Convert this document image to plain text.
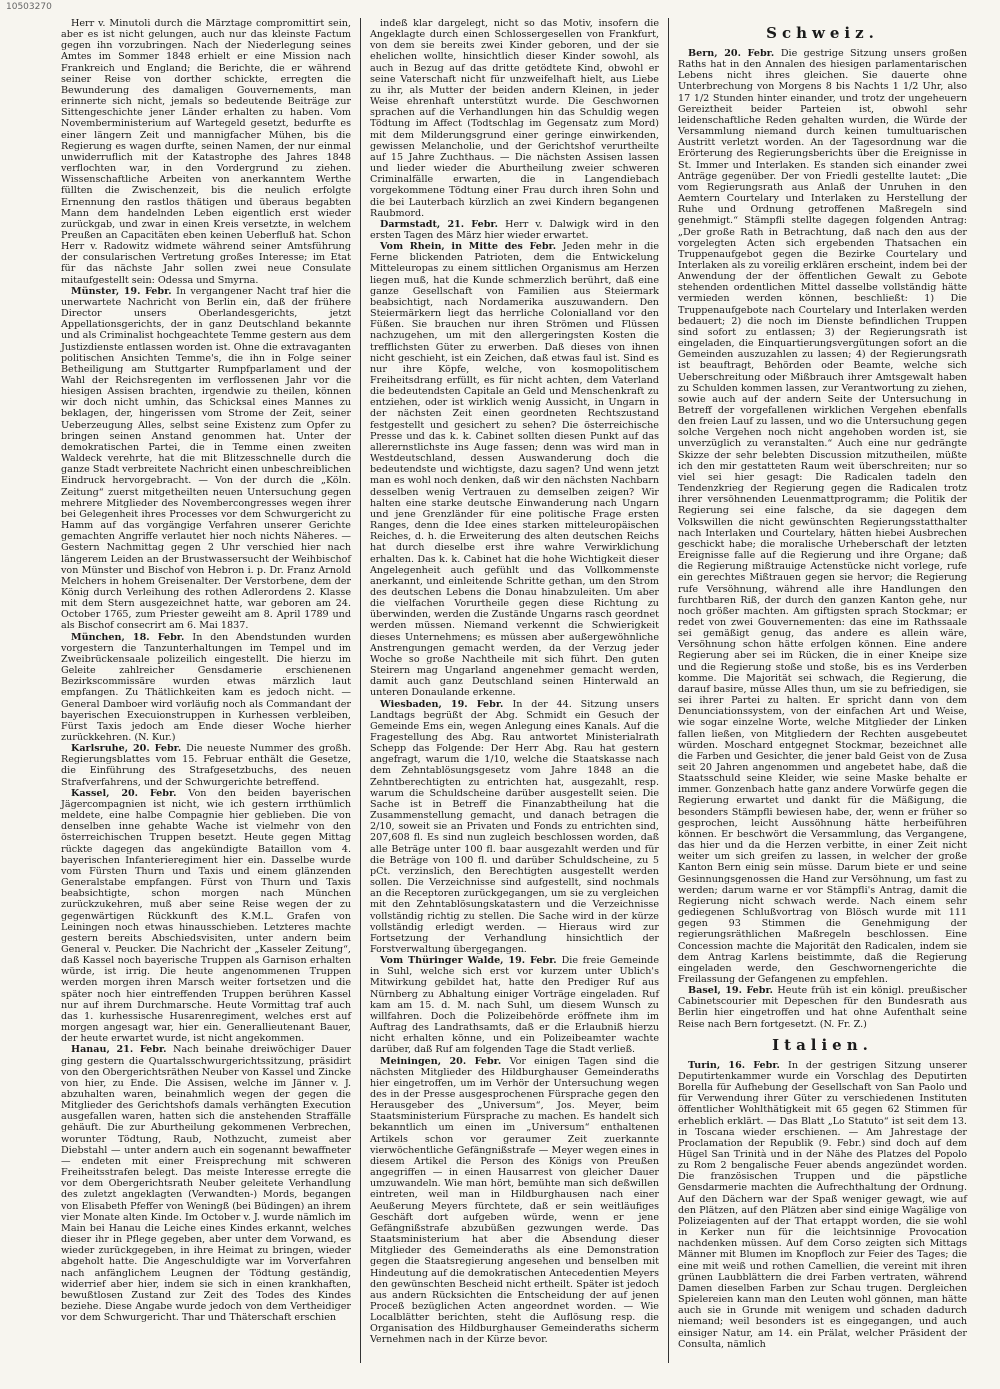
10503270

Herr v. Minutoli durch die Märztage compromittirt sein, aber es ist nicht gelungen, auch nur das kleinste Factum gegen ihn vorzubringen. Nach der Niederlegung seines Amtes im Sommer 1848 erhielt er eine Mission nach Frankreich und England; die Berichte, die er während seiner Reise von dorther schickte, erregten die Bewunderung des damaligen Gouvernements, man erinnerte sich nicht, jemals so bedeutende Beiträge zur Sittengeschichte jener Länder erhalten zu haben. Vom Novemberministerium auf Wartegeld gesetzt, bedurfte es einer längern Zeit und mannigfacher Mühen, bis die Regierung es wagen durfte, seinen Namen, der nur einmal unwiderruflich mit der Katastrophe des Jahres 1848 verflochten war, in den Vordergrund zu ziehen. Wissenschaftliche Arbeiten von anerkanntem Werthe füllten die Zwischenzeit, bis die neulich erfolgte Ernennung den rastlos thätigen und überaus begabten Mann dem handelnden Leben eigentlich erst wieder zurückgab, und zwar in einen Kreis versetzte, in welchem Preußen an Capacitäten eben keinen Ueberfluß hat. Schon Herr v. Radowitz widmete während seiner Amtsführung der consularischen Vertretung großes Interesse; im Etat für das nächste Jahr sollen zwei neue Consulate mitaufgestellt sein: Odessa und Smyrna.

Münster, 19. Febr. In vergangener Nacht traf hier die unerwartete Nachricht von Berlin ein, daß der frühere Director unsers Oberlandesgerichts, jetzt Appellationsgerichts, der in ganz Deutschland bekannte und als Criminalist hochgeachtete Temme gestern aus dem Justizdienste entlassen worden ist. Ohne die extravaganten politischen Ansichten Temme's, die ihn in Folge seiner Betheiligung am Stuttgarter Rumpfparlament und der Wahl der Reichsregenten im verflossenen Jahr vor die hiesigen Assisen brachten, irgendwie zu theilen, können wir doch nicht umhin, das Schicksal eines Mannes zu beklagen, der, hingerissen vom Strome der Zeit, seiner Ueberzeugung Alles, selbst seine Existenz zum Opfer zu bringen seinen Anstand genommen hat. Unter der demokratischen Partei, die in Temme einen zweiten Waldeck verehrte, hat die mit Blitzesschnelle durch die ganze Stadt verbreitete Nachricht einen unbeschreiblichen Eindruck hervorgebracht. — Von der durch die „Köln. Zeitung“ zuerst mitgetheilten neuen Untersuchung gegen mehrere Mitglieder des Novembercongresses wegen ihrer bei Gelegenheit ihres Processes vor dem Schwurgericht zu Hamm auf das vorgängige Verfahren unserer Gerichte gemachten Angriffe verlautet hier noch nichts Näheres. — Gestern Nachmittag gegen 2 Uhr verschied hier nach längerem Leiden an der Brustwassersucht der Weihbischof von Münster und Bischof von Hebron i. p. Dr. Franz Arnold Melchers in hohem Greisenalter. Der Verstorbene, dem der König durch Verleihung des rothen Adlerordens 2. Klasse mit dem Stern ausgezeichnet hatte, war geboren am 24. October 1765, zum Priester geweiht am 8. April 1789 und als Bischof consecrirt am 6. Mai 1837.

München, 18. Febr. In den Abendstunden wurden vorgestern die Tanzunterhaltungen im Tempel und im Zweibrückensaale polizeilich eingestellt. Die hierzu im Geleite zahlreicher Gensdamerie erschienenen Bezirkscommissäre wurden etwas märzlich laut empfangen. Zu Thätlichkeiten kam es jedoch nicht. — General Damboer wird vorläufig noch als Commandant der bayerischen Execuionstruppen in Kurhessen verbleiben, Fürst Taxis jedoch am Ende dieser Woche hierher zurückkehren. (N. Kur.)

Karlsruhe, 20. Febr. Die neueste Nummer des großh. Regierungsblattes vom 15. Februar enthält die Gesetze, die Einführung des Strafgesetzbuchs, des neuen Strafverfahrens, und der Schwurgerichte betreffend.

Kassel, 20. Febr. Von den beiden bayerischen Jägercompagnien ist nicht, wie ich gestern irrthümlich meldete, eine halbe Compagnie hier geblieben. Die von denselben inne gehabte Wache ist vielmehr von den österreichischen Truppen besetzt. Heute gegen Mittag rückte dagegen das angekündigte Bataillon vom 4. bayerischen Infanterieregiment hier ein. Dasselbe wurde vom Fürsten Thurn und Taxis und einem glänzenden Generalstabe empfangen. Fürst von Thurn und Taxis beabsichtigte, schon morgen nach München zurückzukehren, muß aber seine Reise wegen der zu gegenwärtigen Rückkunft des K.M.L. Grafen von Leiningen noch etwas hinausschieben. Letzteres machte gestern bereits Abschiedsvisiten, unter andern beim General v. Peucker. Die Nachricht der „Kasseler Zeitung“, daß Kassel noch bayerische Truppen als Garnison erhalten würde, ist irrig. Die heute angenommenen Truppen werden morgen ihren Marsch weiter fortsetzen und die später noch hier eintreffenden Truppen berühren Kassel nur auf ihrem Durchmarsche. Heute Vormittag traf auch das 1. kurhessische Husarenregiment, welches erst auf morgen angesagt war, hier ein. Generallieutenant Bauer, der heute erwartet wurde, ist nicht angekommen.

Hanau, 21. Febr. Nach beinahe dreiwöchiger Dauer ging gestern die Quartalsschwurgerichtssitzung, präsidirt von den Obergerichtsräthen Neuber von Kassel und Zincke von hier, zu Ende. Die Assisen, welche im Jänner v. J. abzuhalten waren, beinahmlich wegen der gegen die Mitglieder des Gerichtshofs damals verhängten Execution ausgefallen waren, hatten sich die anstehenden Straffälle gehäuft. Die zur Aburtheilung gekommenen Verbrechen, worunter Tödtung, Raub, Nothzucht, zumeist aber Diebstahl — unter andern auch ein sogenannt bewaffneter — endeten mit einer Freisprechung mit schweren Freiheitsstrafen belegt. Das meiste Interesse erregte die vor dem Obergerichtsrath Neuber geleitete Verhandlung des zuletzt angeklagten (Verwandten-) Mords, begangen von Elisabeth Pfeffer von Weningß (bei Büdingen) an ihrem vier Monate alten Kinde. Im October v. J. wurde nämlich im Main bei Hanau die Leiche eines Kindes erkannt, welches dieser ihr in Pflege gegeben, aber unter dem Vorwand, es wieder zurückgegeben, in ihre Heimat zu bringen, wieder abgeholt hatte. Die Angeschuldigte war im Vorverfahren nach anfänglichem Leugnen der Tödtung geständig, widerrief aber hier, indem sie sich in einen krankhaften, bewußtlosen Zustand zur Zeit des Todes des Kindes beziehe. Diese Angabe wurde jedoch von dem Vertheidiger vor dem Schwurgericht. Thar und Thäterschaft erschien

indeß klar dargelegt, nicht so das Motiv, insofern die Angeklagte durch einen Schlossergesellen von Frankfurt, von dem sie bereits zwei Kinder geboren, und der sie ehelichen wollte, hinsichtlich dieser Kinder sowohl, als auch in Bezug auf das dritte getödtete Kind, obwohl er seine Vaterschaft nicht für unzweifelhaft hielt, aus Liebe zu ihr, als Mutter der beiden andern Kleinen, in jeder Weise ehrenhaft unterstützt wurde. Die Geschwornen sprachen auf die Verhandlungen hin das Schuldig wegen Tödtung im Affect (Todtschlag im Gegensatz zum Mord) mit dem Milderungsgrund einer geringe einwirkenden, gewissen Melancholie, und der Gerichtshof verurtheilte auf 15 Jahre Zuchthaus. — Die nächsten Assisen lassen und lieder wieder die Aburtheilung zweier schweren Criminalfälle erwarten, die in Langendiebach vorgekommene Tödtung einer Frau durch ihren Sohn und die bei Lauterbach kürzlich an zwei Kindern begangenen Raubmord.

Darmstadt, 21. Febr. Herr v. Dalwigk wird in den ersten Tagen des März hier wieder erwartet.

Vom Rhein, in Mitte des Febr. Jeden mehr in die Ferne blickenden Patrioten, dem die Entwickelung Mitteleuropas zu einem sittlichen Organismus am Herzen liegen muß, hat die Kunde schmerzlich berührt, daß eine ganze Gesellschaft von Familien aus Steiermark beabsichtigt, nach Nordamerika auszuwandern. Den Steiermärkern liegt das herrliche Colonialland vor den Füßen. Sie brauchen nur ihren Strömen und Flüssen nachzugehen, um mit den allergeringsten Kosten die trefflichsten Güter zu erwerben. Daß dieses von ihnen nicht geschieht, ist ein Zeichen, daß etwas faul ist. Sind es nur ihre Köpfe, welche, von kosmopolitischem Freiheitsdrang erfüllt, es für nicht achten, dem Vaterland die bedeutendsten Capitale an Geld und Menschenkraft zu entziehen, oder ist wirklich wenig Aussicht, in Ungarn in der nächsten Zeit einen geordneten Rechtszustand festgestellt und gesichert zu sehen? Die österreichische Presse und das k. k. Cabinet sollten diesen Punkt auf das allerernstlichste ins Auge fassen; denn was wird man in Westdeutschland, dessen Auswanderung doch die bedeutendste und wichtigste, dazu sagen? Und wenn jetzt man es wohl noch denken, daß wir den nächsten Nachbarn desselben wenig Vertrauen zu demselben zeigen? Wir halten eine starke deutsche Einwanderung nach Ungarn und jene Grenzländer für eine politische Frage ersten Ranges, denn die Idee eines starken mitteleuropäischen Reiches, d. h. die Erweiterung des alten deutschen Reichs hat durch dieselbe erst ihre wahre Verwirklichung erhalten. Das k. k. Cabinet hat die hohe Wichtigkeit dieser Angelegenheit auch gefühlt und das Vollkommenste anerkannt, und einleitende Schritte gethan, um den Strom des deutschen Lebens die Donau hinabzuleiten. Um aber die vielfachen Vorurtheile gegen diese Richtung zu überwinden, werden die Zustände Ungarns rasch geordnet werden müssen. Niemand verkennt die Schwierigkeit dieses Unternehmens; es müssen aber außergewöhnliche Anstrengungen gemacht werden, da der Verzug jeder Woche so große Nachtheile mit sich führt. Den guten Steirern mag Ungarland angenehmer gemacht werden, damit auch ganz Deutschland seinen Hinterwald an unteren Donaulande erkenne.

Wiesbaden, 19. Febr. In der 44. Sitzung unsers Landtags begrüßt der Abg. Schmidt ein Gesuch der Gemeinde Ems ein, wegen Anlegung eines Kanals. Auf die Fragestellung des Abg. Rau antwortet Ministerialrath Schepp das Folgende: Der Herr Abg. Rau hat gestern angefragt, warum die 1/10, welche die Staatskasse nach dem Zehntablösungsgesetz vom Jahre 1848 an die Zehntberechtigten zu entrichten hat, ausgezahlt, resp. warum die Schuldscheine darüber ausgestellt seien. Die Sache ist in Betreff die Finanzabtheilung hat die Zusammenstellung gemacht, und danach betragen die 2/10, soweit sie an Privaten und Fonds zu entrichten sind, 207,608 fl. Es sind nun zugleich beschlossen worden, daß alle Beträge unter 100 fl. baar ausgezahlt werden und für die Beträge von 100 fl. und darüber Schuldscheine, zu 5 pCt. verzinslich, den Berechtigten ausgestellt werden sollen. Die Verzeichnisse sind aufgestellt, sind nochmals an die Receptoren zurückgegangen, um sie zu vergleichen mit den Zehntablösungskatastern und die Verzeichnisse vollständig richtig zu stellen. Die Sache wird in der kürze vollständig erledigt werden. — Hieraus wird zur Fortsetzung der Verhandlung hinsichtlich der Forstverwaltung übergegangen.

Vom Thüringer Walde, 19. Febr. Die freie Gemeinde in Suhl, welche sich erst vor kurzem unter Ublich's Mitwirkung gebildet hat, hatte den Prediger Ruf aus Nürnberg zu Abhaltung einiger Vorträge eingeladen. Ruf kam am 15. d. M. nach Suhl, um diesem Wunsch zu willfahren. Doch die Polizeibehörde eröffnete ihm im Auftrag des Landrathsamts, daß er die Erlaubniß hierzu nicht erhalten könne, und ein Polizeibeamter wachte darüber, daß Ruf am folgenden Tage die Stadt verließ.

Meiningen, 20. Febr. Vor einigen Tagen sind die nächsten Mitglieder des Hildburghauser Gemeinderaths hier eingetroffen, um im Verhör der Untersuchung wegen des in der Presse ausgesprochenen Fürsprache gegen den Herausgeber des „Universum“, Jos. Meyer, beim Staatsministerium Fürsprache zu machen. Es handelt sich bekanntlich um einen im „Universum“ enthaltenen Artikels schon vor geraumer Zeit zuerkannte vierwöchentliche Gefängnißstrafe — Meyer wegen eines in diesem Artikel die Person des Königs von Preußen angegriffen — in einen Hausarrest von gleicher Dauer umzuwandeln. Wie man hört, bemühte man sich deßwillen eintreten, weil man in Hildburghausen nach einer Aeußerung Meyers fürchtete, daß er sein weitläufiges Geschäft dort aufgeben würde, wenn er jene Gefängnißstrafe abzubüßen gezwungen werde. Das Staatsministerium hat aber die Absendung dieser Mitglieder des Gemeinderaths als eine Demonstration gegen die Staatsregierung angesehen und benselben mit Hindeutung auf die demokratischen Antecedentien Meyers den gewünschten Bescheid nicht ertheilt. Später ist jedoch aus andern Rücksichten die Entscheidung der auf jenen Proceß bezüglichen Acten angeordnet worden. — Wie Localblätter berichten, steht die Auflösung resp. die Organisation des Hildburghauser Gemeinderaths sicherm Vernehmen nach in der Kürze bevor.

Schweiz.

Bern, 20. Febr. Die gestrige Sitzung unsers großen Raths hat in den Annalen des hiesigen parlamentarischen Lebens nicht ihres gleichen. Sie dauerte ohne Unterbrechung von Morgens 8 bis Nachts 1 1/2 Uhr, also 17 1/2 Stunden hinter einander, und trotz der ungeheuern Gereiztheit beider Parteien ist, obwohl sehr leidenschaftliche Reden gehalten wurden, die Würde der Versammlung niemand durch keinen tumultuarischen Austritt verletzt worden. An der Tagesordnung war die Erörterung des Regierungsberichts über die Ereignisse in St. Immer und Interlaken. Es standen sich einander zwei Anträge gegenüber. Der von Friedli gestellte lautet: „Die vom Regierungsrath aus Anlaß der Unruhen in den Aemtern Courtelary und Interlaken zu Herstellung der Ruhe und Ordnung getroffenen Maßregeln sind genehmigt.“ Stämpfli stellte dagegen folgenden Antrag: „Der große Rath in Betrachtung, daß nach den aus der vorgelegten Acten sich ergebenden Thatsachen ein Truppenaufgebot gegen die Bezirke Courtelary und Interlaken als zu voreilig erklären erscheint, indem bei der Anwendung der der öffentlichen Gewalt zu Gebote stehenden ordentlichen Mittel dasselbe vollständig hätte vermieden werden können, beschließt: 1) Die Truppenaufgebote nach Courtelary und Interlaken werden bedauert; 2) die noch im Dienste befindlichen Truppen sind sofort zu entlassen; 3) der Regierungsrath ist eingeladen, die Einquartierungsvergütungen sofort an die Gemeinden auszuzahlen zu lassen; 4) der Regierungsrath ist beauftragt, Behörden oder Beamte, welche sich Ueberschreitung oder Mißbrauch ihrer Amtsgewalt haben zu Schulden kommen lassen, zur Verantwortung zu ziehen, sowie auch auf der andern Seite der Untersuchung in Betreff der vorgefallenen wirklichen Vergehen ebenfalls den freien Lauf zu lassen, und wo die Untersuchung gegen solche Vergehen noch nicht angehoben worden ist, sie unverzüglich zu veranstalten.“ Auch eine nur gedrängte Skizze der sehr belebten Discussion mitzutheilen, müßte ich den mir gestatteten Raum weit überschreiten; nur so viel sei hier gesagt: Die Radicalen tadeln den Tendenzkrieg der Regierung gegen die Radicalen trotz ihrer versöhnenden Leuenmattprogramm; die Politik der Regierung sei eine falsche, da sie dagegen dem Volkswillen die nicht gewünschten Regierungsstatthalter nach Interlaken und Courtelary, hätten hiebei Ausbrechen geschickt habe; die moralische Urheberschaft der letzten Ereignisse falle auf die Regierung und ihre Organe; daß die Regierung mißtrauige Actenstücke nicht vorlege, rufe ein gerechtes Mißtrauen gegen sie hervor; die Regierung rufe Versöhnung, während alle ihre Handlungen den furchtbaren Riß, der durch den ganzen Kanton gehe, nur noch größer machten. Am giftigsten sprach Stockmar; er redet von zwei Gouvernementen: das eine im Rathssaale sei gemäßigt genug, das andere es allein wäre, Versöhnung schon hätte erfolgen können. Eine andere Regierung aber sei im Rücken, die in einer Kneipe size und die Regierung stoße und stoße, bis es ins Verderben komme. Die Majorität sei schwach, die Regierung, die darauf basire, müsse Alles thun, um sie zu befriedigen, sie sei ihrer Partei zu halten. Er spricht dann von dem Denunciationssystem, von der einfachen Art und Weise, wie sogar einzelne Worte, welche Mitglieder der Linken fallen ließen, von Mitgliedern der Rechten ausgebeutet würden. Moschard entgegnet Stockmar, bezeichnet alle die Farben und Gesichter, die jener bald Geist von de Zusa seit 20 Jahren angenommen und angebetet habe, daß die Staatsschuld seine Kleider, wie seine Maske behalte er immer. Gonzenbach hatte ganz andere Vorwürfe gegen die Regierung erwartet und dankt für die Mäßigung, die besonders Stämpfli bewiesen habe, der, wenn er früher so gesprochen, leicht Aussöhnung hätte herbeiführen können. Er beschwört die Versammlung, das Vergangene, das hier und da die Herzen verbitte, in einer Zeit nicht weiter um sich greifen zu lassen, in welcher der große Kanton Bern einig sein müsse. Darum biete er und seine Gesinnungsgenossen die Hand zur Versöhnung, um fast zu werden; darum warne er vor Stämpfli's Antrag, damit die Regierung nicht schwach werde. Nach einem sehr gediegenen Schlußvortrag von Blösch wurde mit 111 gegen 93 Stimmen die Genehmigung der regierungsräthlichen Maßregeln beschlossen. Eine Concession machte die Majorität den Radicalen, indem sie dem Antrag Karlens beistimmte, daß die Regierung eingeladen werde, den Geschwornengerichte die Freilassung der Gefangenen zu empfehlen.

Basel, 19. Febr. Heute früh ist ein königl. preußischer Cabinetscourier mit Depeschen für den Bundesrath aus Berlin hier eingetroffen und hat ohne Aufenthalt seine Reise nach Bern fortgesetzt. (N. Fr. Z.)

Italien.

Turin, 16. Febr. In der gestrigen Sitzung unserer Deputirtenkammer wurde ein Vorschlag des Deputirten Borella für Aufhebung der Gesellschaft von San Paolo und für Verwendung ihrer Güter zu verschiedenen Instituten öffentlicher Wohlthätigkeit mit 65 gegen 62 Stimmen für erheblich erklärt. — Das Blatt „Lo Statuto“ ist seit dem 13. in Toscana wieder erschienen. — Am Jahrestage der Proclamation der Republik (9. Febr.) sind doch auf dem Hügel San Trinità und in der Nähe des Platzes del Popolo zu Rom 2 bengalische Feuer abends angezündet worden. Die französischen Truppen und die päpstliche Gensdarmerie machten die Aufrechthaltung der Ordnung. Auf den Dächern war der Spaß weniger gewagt, wie auf den Plätzen, auf den Plätzen aber sind einige Wagälige von Polizeiagenten auf der That ertappt worden, die sie wohl in Kerker nun für die leichtsinnige Provocation nachdenken müssen. Auf dem Corso zeigten sich Mittags Männer mit Blumen im Knopfloch zur Feier des Tages; die eine mit weiß und rothen Camellien, die vereint mit ihren grünen Laubblättern die drei Farben vertraten, während Damen dieselben Farben zur Schau trugen. Dergleichen Spielereien kann man den Leuten wohl gönnen, man hätte auch sie in Grunde mit wenigem und schaden dadurch niemand; weil besonders ist es eingegangen, und auch einsiger Natur, am 14. ein Prälat, welcher Präsident der Consulta, nämlich
